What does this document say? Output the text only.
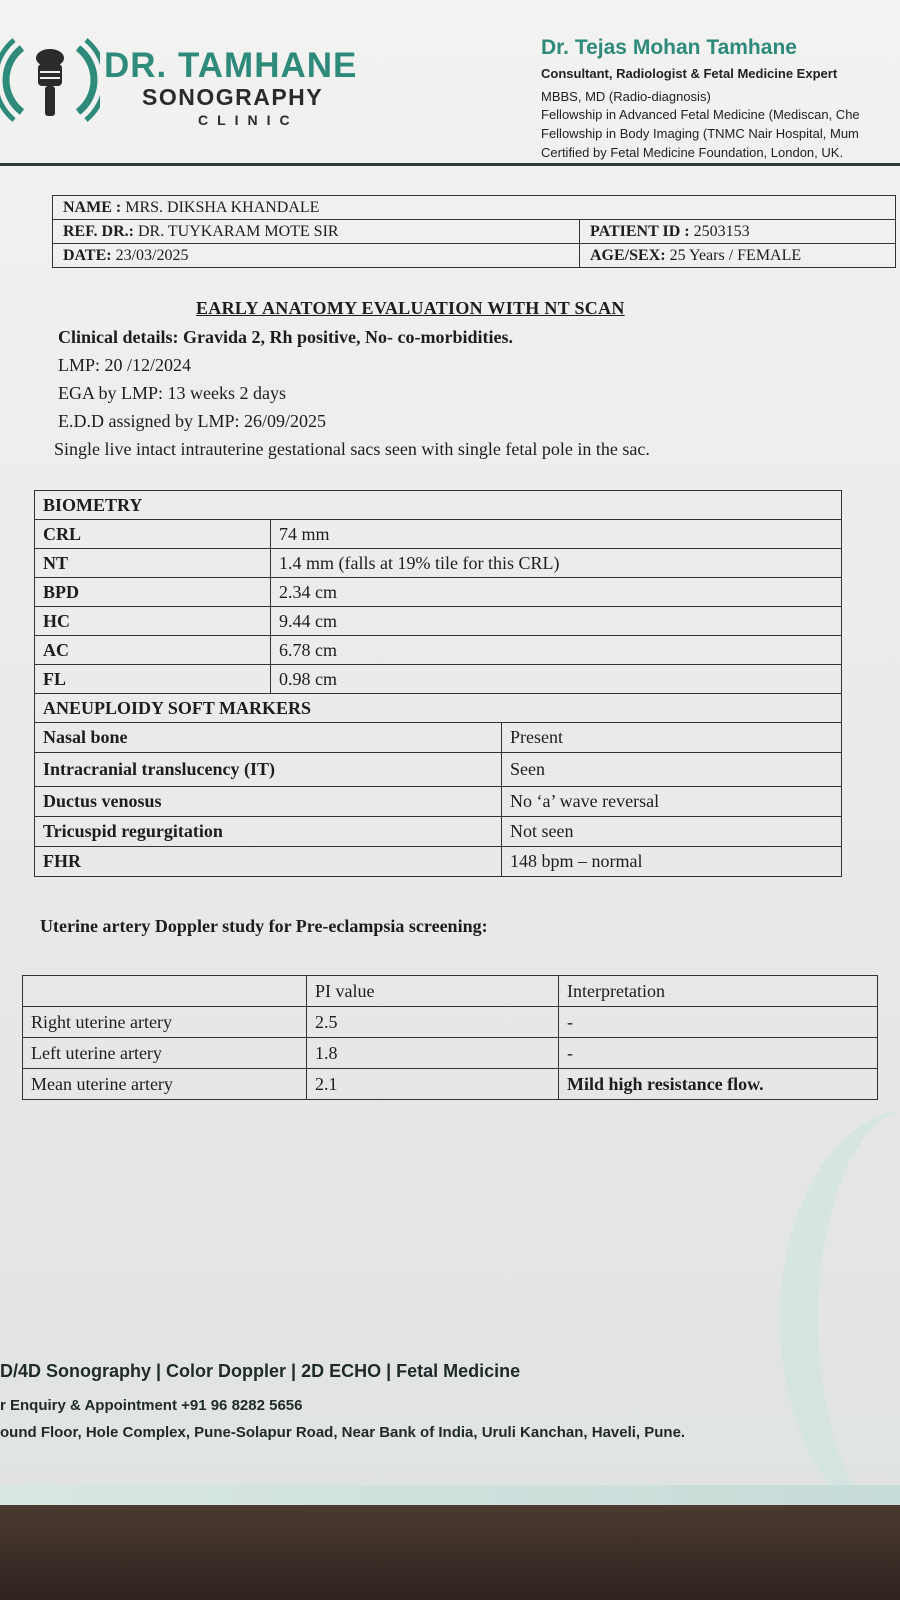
DR. TAMHANE
SONOGRAPHY
CLINIC
Dr. Tejas Mohan Tamhane
Consultant, Radiologist & Fetal Medicine Expert
MBBS, MD (Radio-diagnosis)
Fellowship in Advanced Fetal Medicine (Mediscan, Che
Fellowship in Body Imaging (TNMC Nair Hospital, Mum
Certified by Fetal Medicine Foundation, London, UK.
NAME : MRS. DIKSHA KHANDALE	
REF. DR.: DR. TUYKARAM MOTE SIR	PATIENT ID : 2503153
DATE: 23/03/2025	AGE/SEX: 25 Years / FEMALE
EARLY ANATOMY EVALUATION WITH NT SCAN
Clinical details: Gravida 2, Rh positive, No- co-morbidities.
LMP: 20 /12/2024
EGA by LMP: 13 weeks 2 days
E.D.D assigned by LMP: 26/09/2025
Single live intact intrauterine gestational sacs seen with single fetal pole in the sac.
BIOMETRY		
CRL	74 mm	
NT	1.4 mm (falls at 19% tile for this CRL)	
BPD	2.34 cm	
HC	9.44 cm	
AC	6.78 cm	
FL	0.98 cm	
ANEUPLOIDY SOFT MARKERS		
Nasal bone		Present
Intracranial translucency (IT)		Seen
Ductus venosus		No ‘a’ wave reversal
Tricuspid regurgitation		Not seen
FHR		148 bpm – normal
Uterine artery Doppler study for Pre-eclampsia screening:
	PI value	Interpretation
Right uterine artery	2.5	-
Left uterine artery	1.8	-
Mean uterine artery	2.1	Mild high resistance flow.
D/4D Sonography | Color Doppler | 2D ECHO | Fetal Medicine
r Enquiry & Appointment +91 96 8282 5656
ound Floor, Hole Complex, Pune-Solapur Road, Near Bank of India, Uruli Kanchan, Haveli, Pune.
